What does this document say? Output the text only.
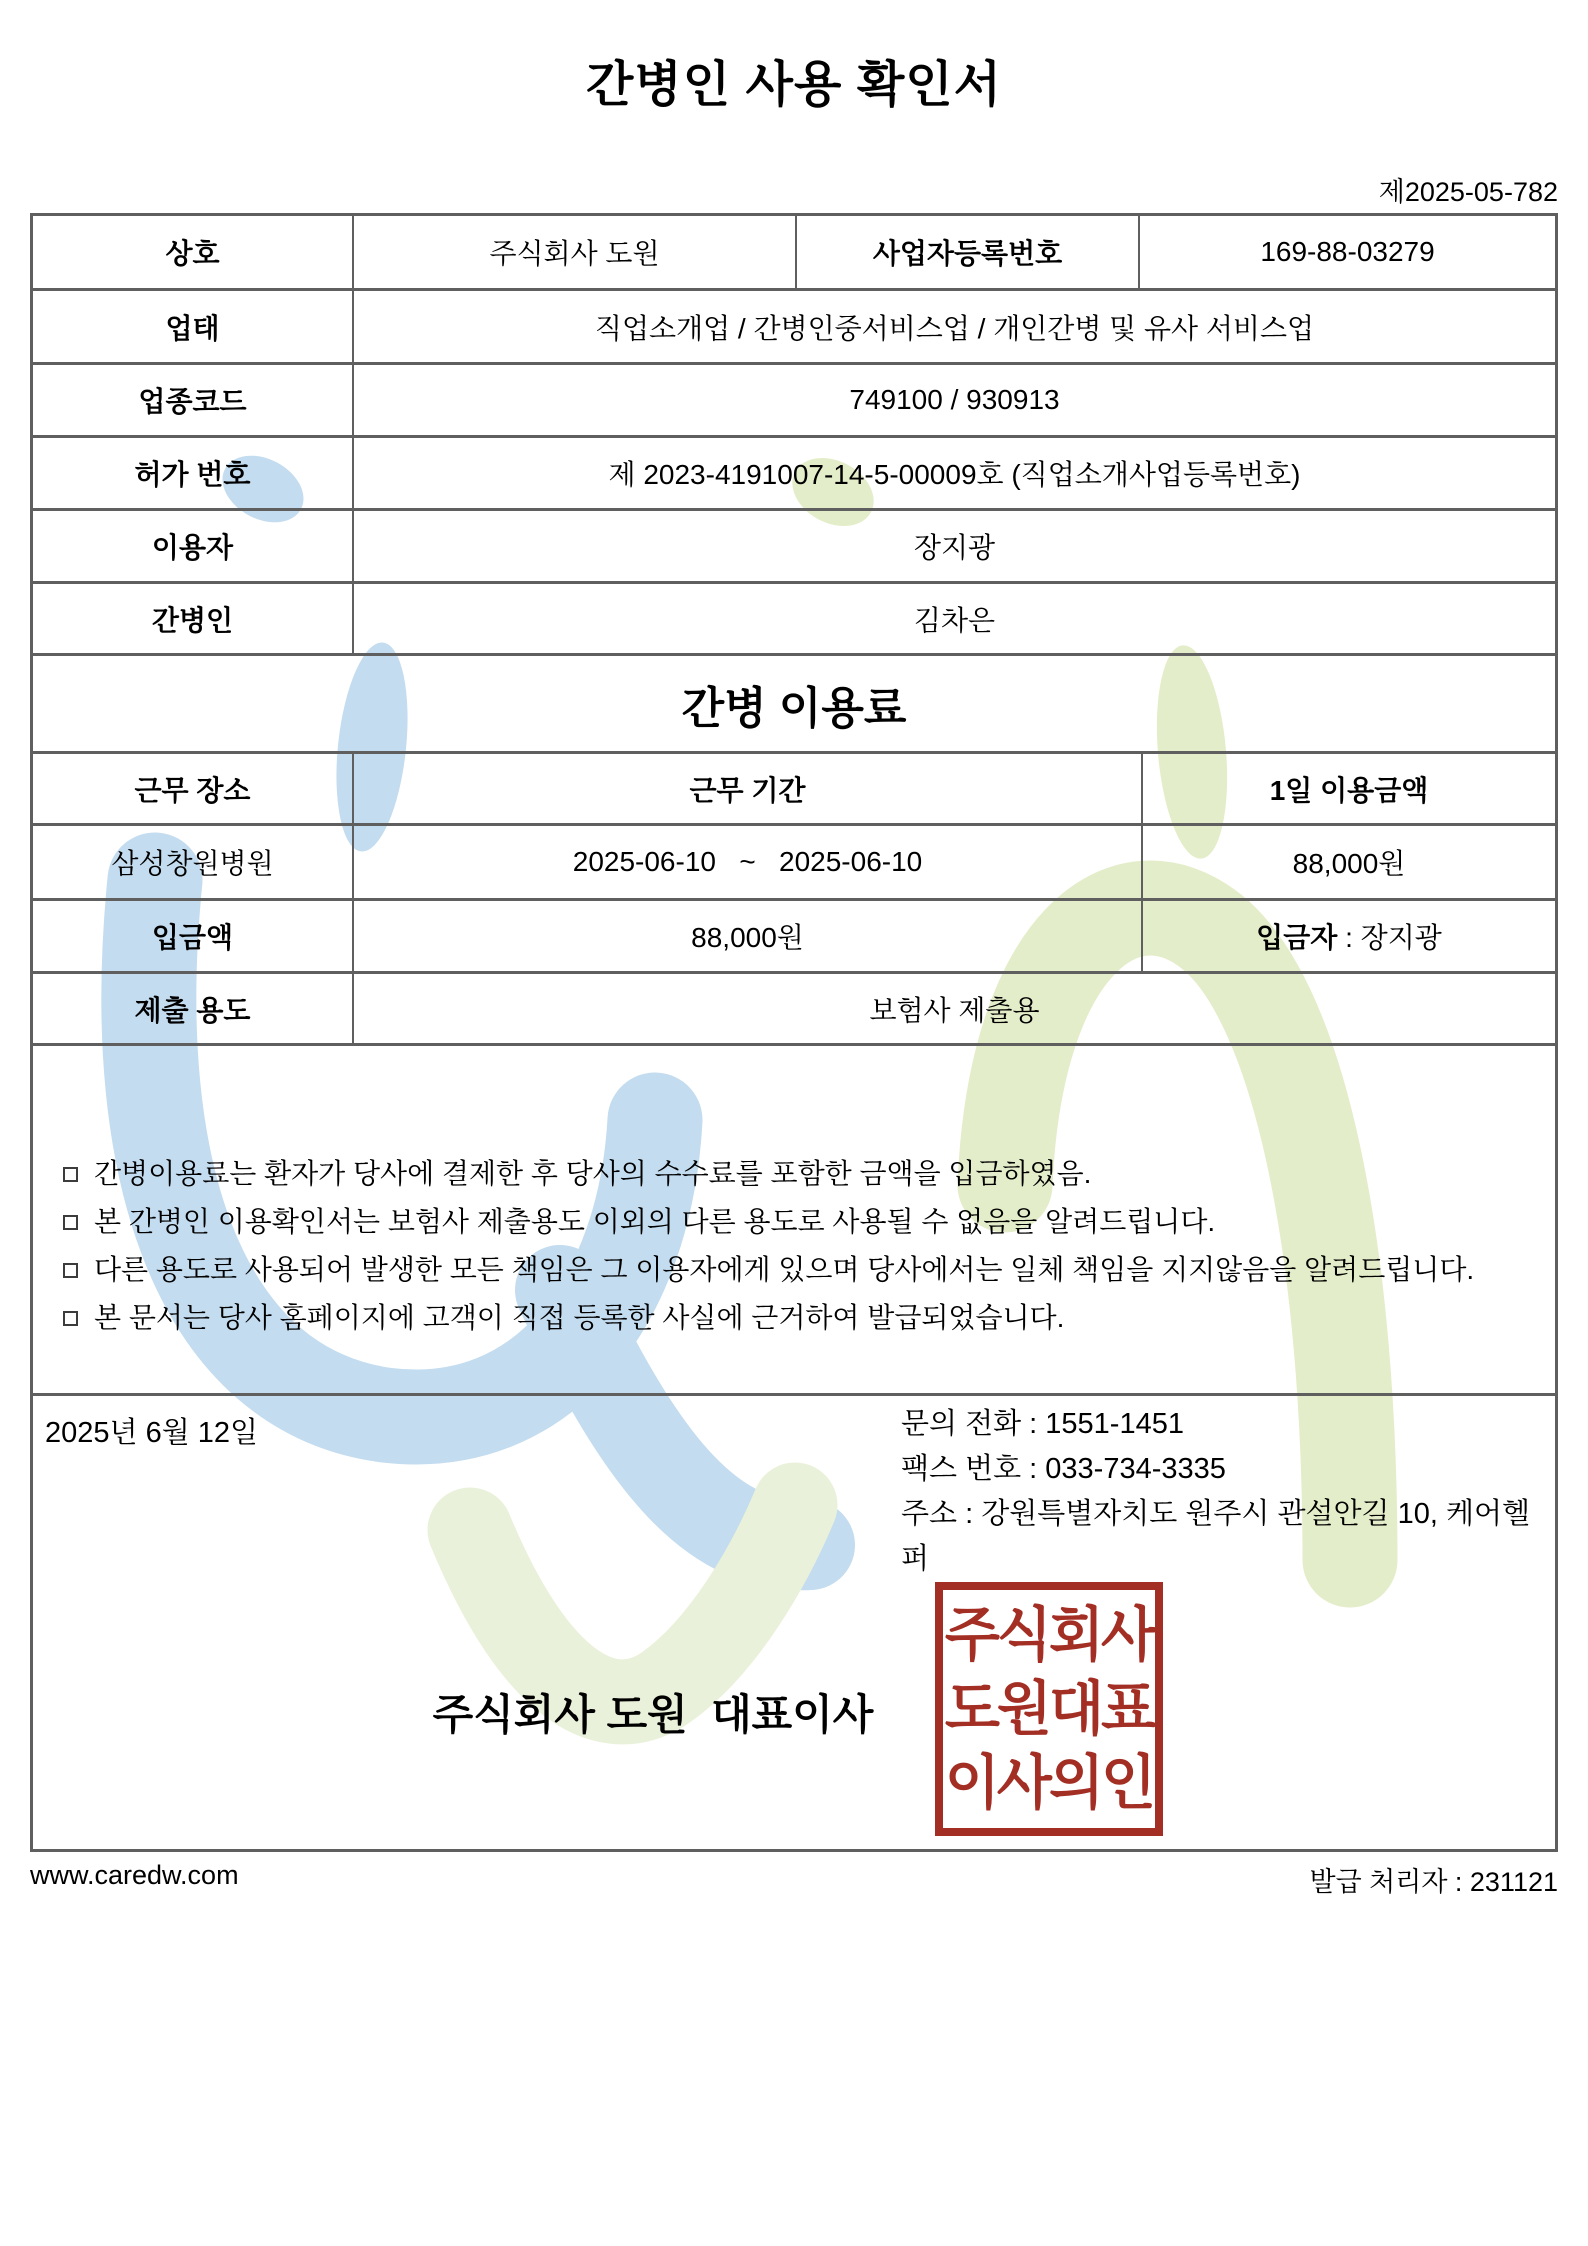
간병인 사용 확인서
제2025-05-782
상호	주식회사 도원	사업자등록번호	169-88-03279
업태	직업소개업 / 간병인중서비스업 / 개인간병 및 유사 서비스업
업종코드	749100 / 930913
허가 번호	제 2023-4191007-14-5-00009호 (직업소개사업등록번호)
이용자	장지광
간병인	김차은
간병 이용료
근무 장소	근무 기간	1일 이용금액
삼성창원병원	2025-06-10   ~   2025-06-10	88,000원
입금액	88,000원	입금자 : 장지광
제출 용도	보험사 제출용
간병이용료는 환자가 당사에 결제한 후 당사의 수수료를 포함한 금액을 입금하였음.
본 간병인 이용확인서는 보험사 제출용도 이외의 다른 용도로 사용될 수 없음을 알려드립니다.
다른 용도로 사용되어 발생한 모든 책임은 그 이용자에게 있으며 당사에서는 일체 책임을 지지않음을 알려드립니다.
본 문서는 당사 홈페이지에 고객이 직접 등록한 사실에 근거하여 발급되었습니다.
2025년 6월 12일	문의 전화 : 1551-1451
팩스 번호 : 033-734-3335
주소 : 강원특별자치도 원주시 관설안길 10, 케어헬퍼
주식회사 도원  대표이사
주식회사
도원대표
이사의인
www.caredw.com	발급 처리자 : 231121
